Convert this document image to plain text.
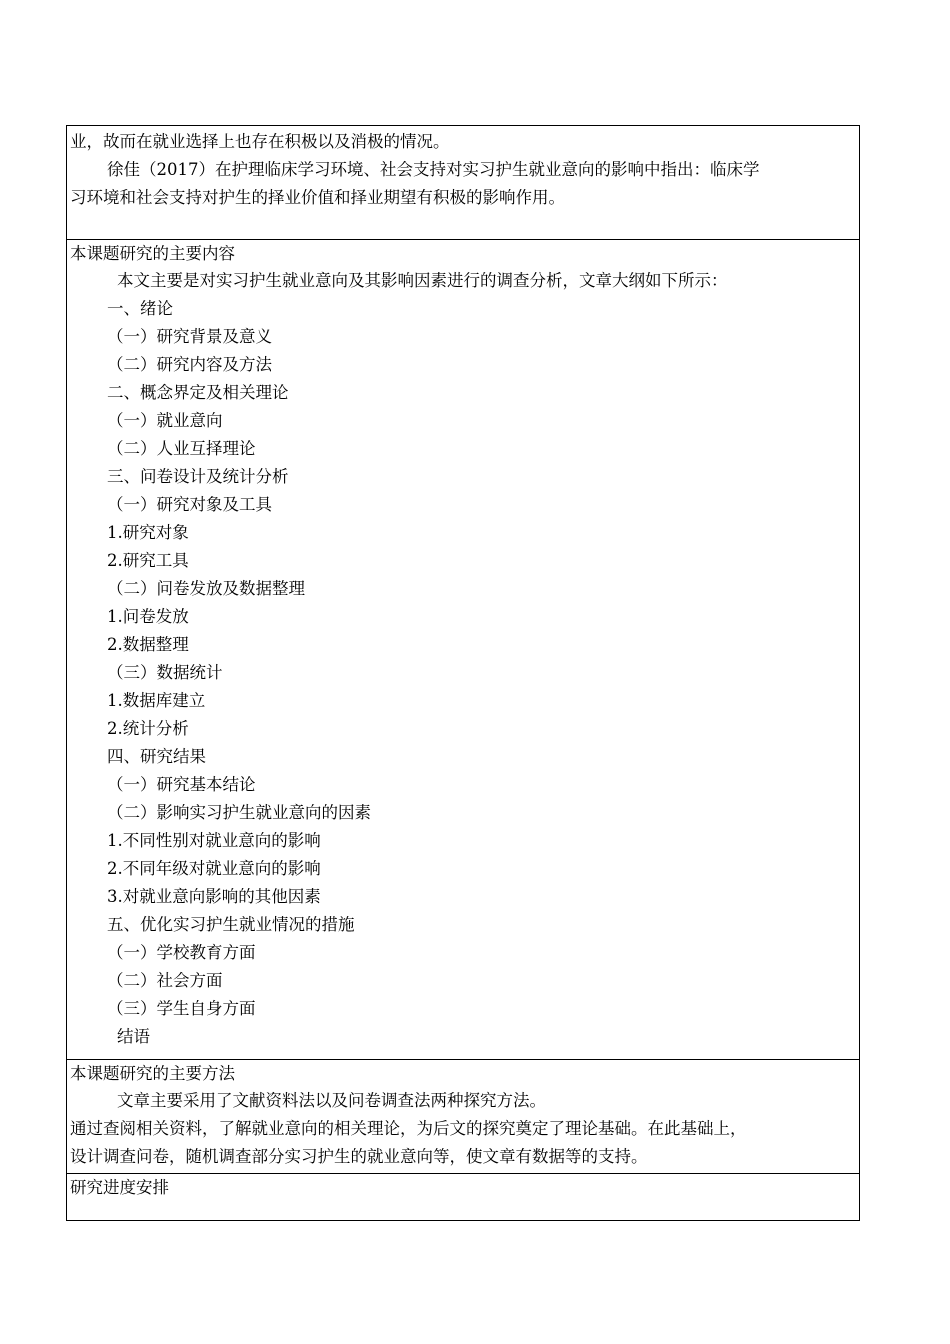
业，故而在就业选择上也存在积极以及消极的情况。
徐佳（2017）在护理临床学习环境、社会支持对实习护生就业意向的影响中指出：临床学
习环境和社会支持对护生的择业价值和择业期望有积极的影响作用。
本课题研究的主要内容
本文主要是对实习护生就业意向及其影响因素进行的调查分析，文章大纲如下所示：
一、绪论
（一）研究背景及意义
（二）研究内容及方法
二、概念界定及相关理论
（一）就业意向
（二）人业互择理论
三、问卷设计及统计分析
（一）研究对象及工具
1.研究对象
2.研究工具
（二）问卷发放及数据整理
1.问卷发放
2.数据整理
（三）数据统计
1.数据库建立
2.统计分析
四、研究结果
（一）研究基本结论
（二）影响实习护生就业意向的因素
1.不同性别对就业意向的影响
2.不同年级对就业意向的影响
3.对就业意向影响的其他因素
五、优化实习护生就业情况的措施
（一）学校教育方面
（二）社会方面
（三）学生自身方面
结语
本课题研究的主要方法
文章主要采用了文献资料法以及问卷调查法两种探究方法。
通过查阅相关资料，了解就业意向的相关理论，为后文的探究奠定了理论基础。在此基础上，
设计调查问卷，随机调查部分实习护生的就业意向等，使文章有数据等的支持。
研究进度安排
